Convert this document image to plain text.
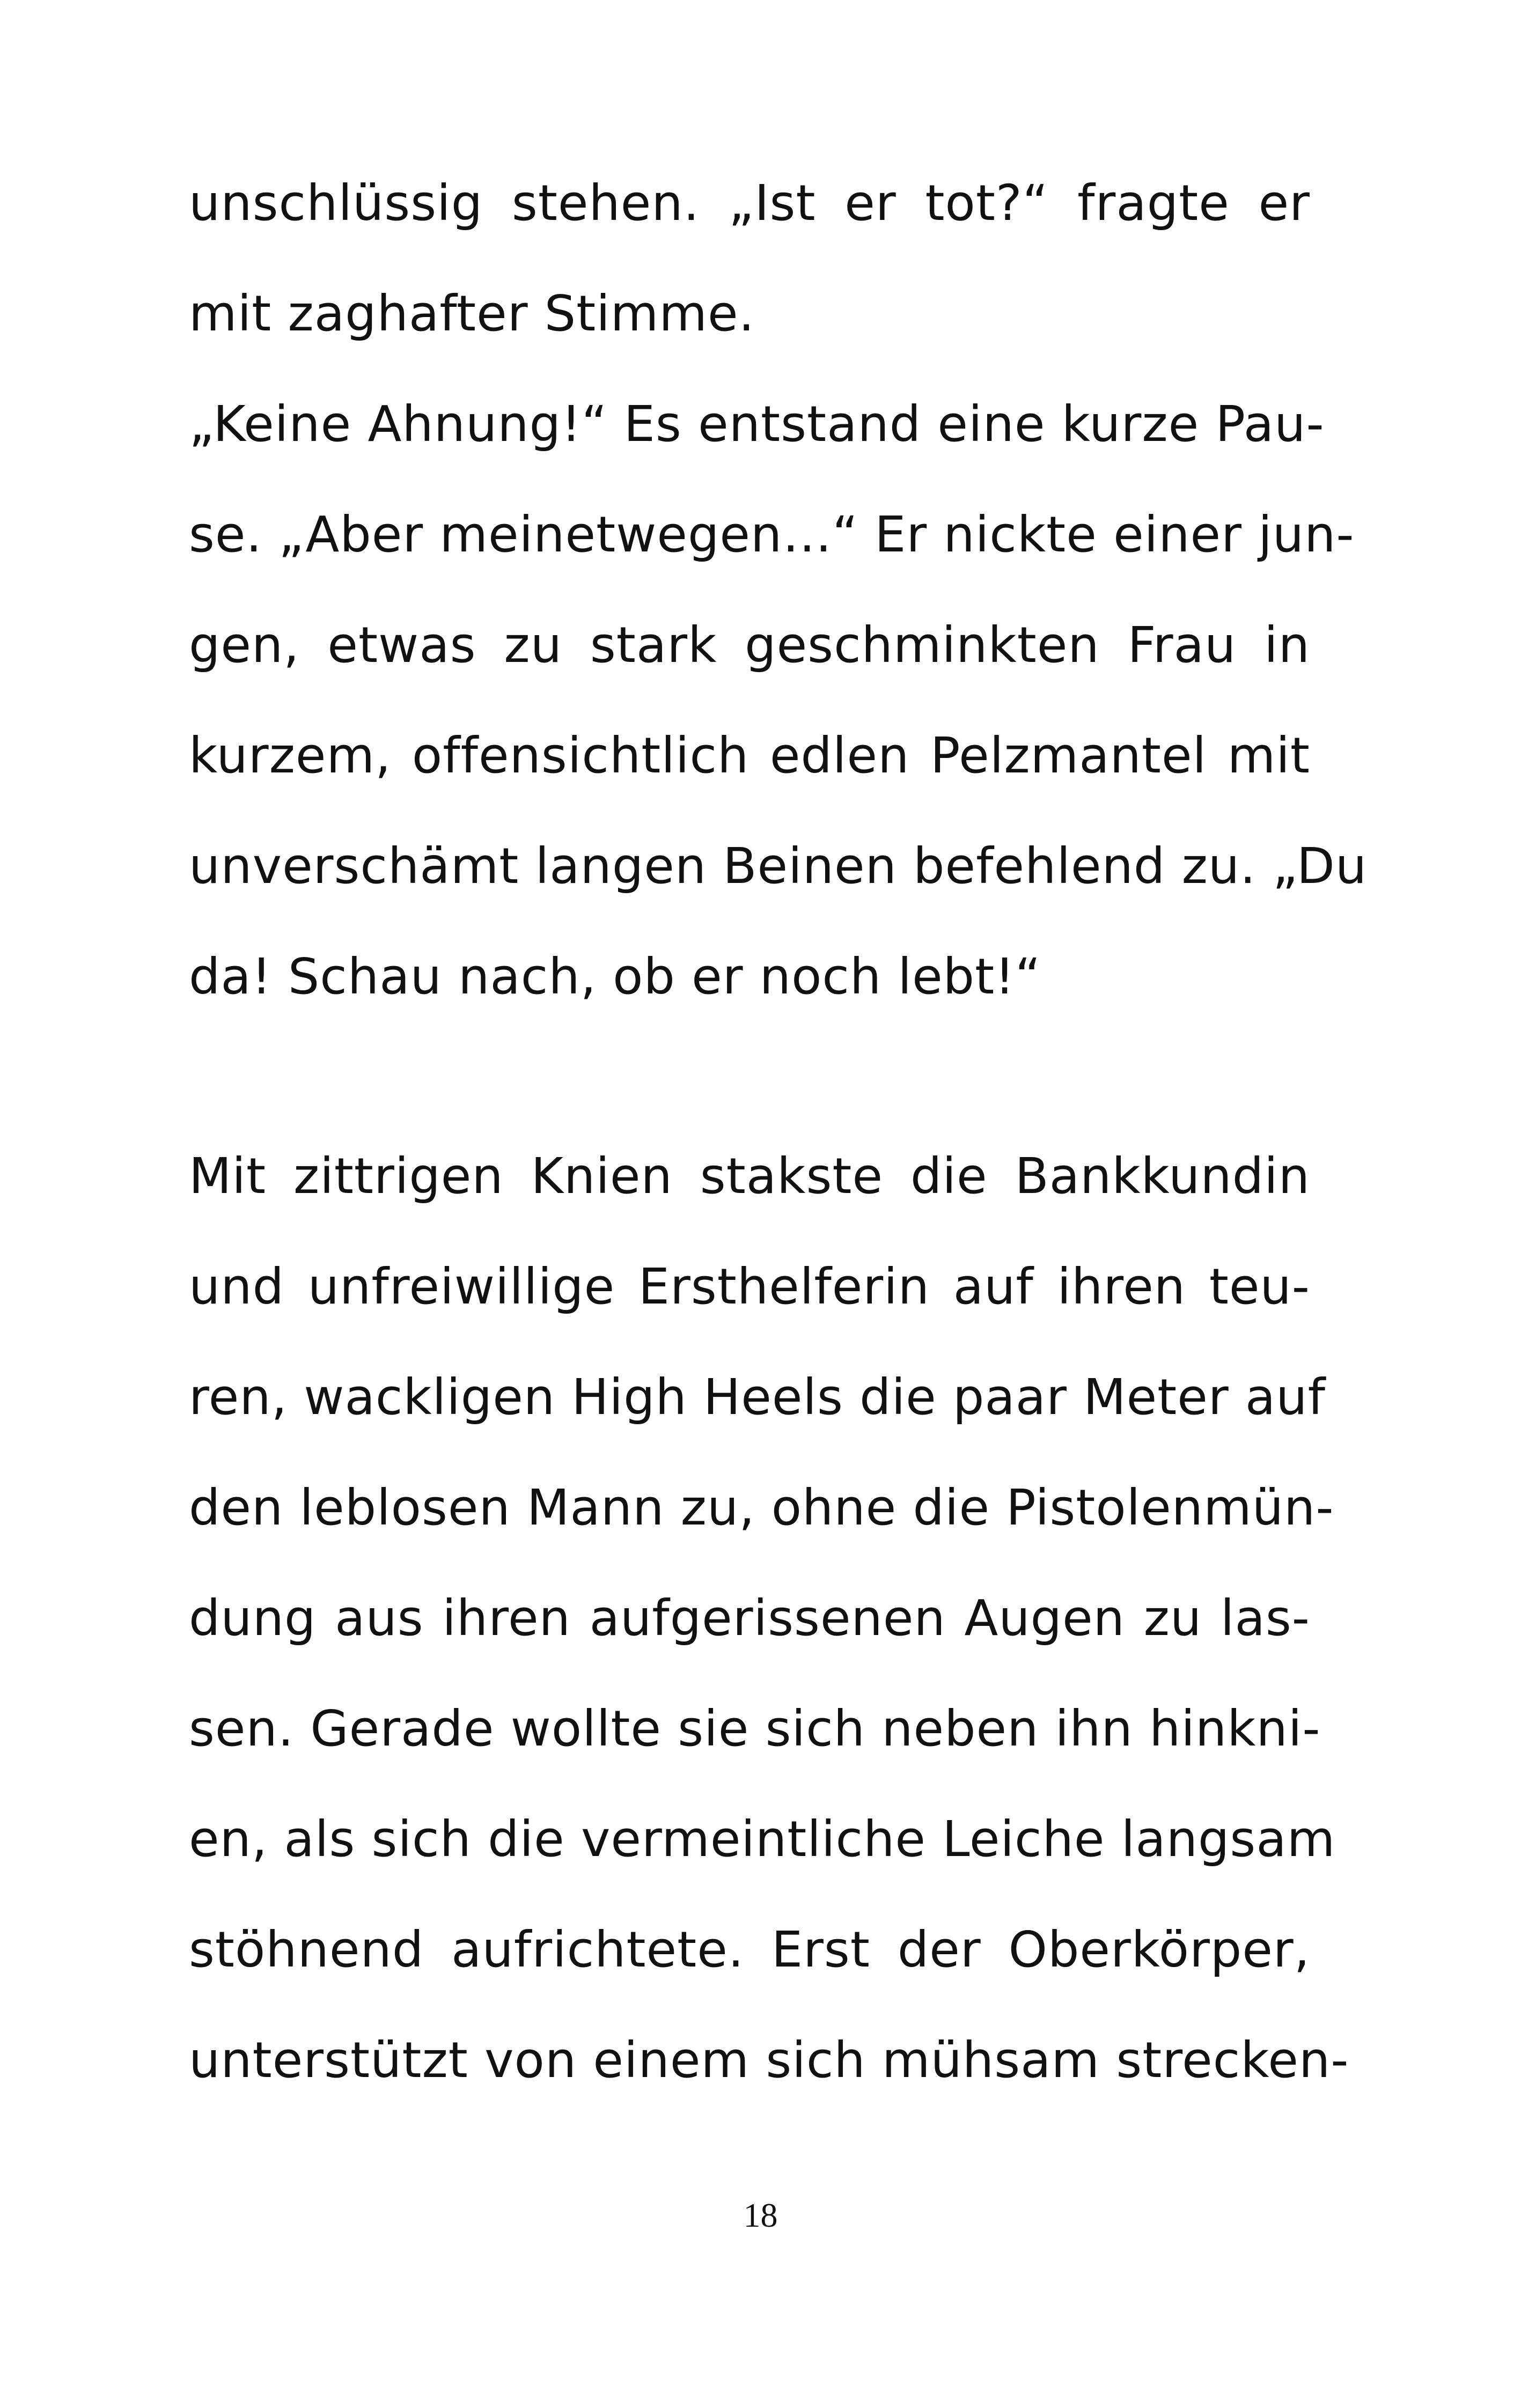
unschlüssig stehen. „Ist er tot?“ fragte er
mit zaghafter Stimme.
„Keine Ahnung!“ Es entstand eine kurze Pau-
se. „Aber meinetwegen…“ Er nickte einer jun-
gen, etwas zu stark geschminkten Frau in
kurzem, offensichtlich edlen Pelzmantel mit
unverschämt langen Beinen befehlend zu. „Du
da! Schau nach, ob er noch lebt!“
Mit zittrigen Knien stakste die Bankkundin
und unfreiwillige Ersthelferin auf ihren teu-
ren, wackligen High Heels die paar Meter auf
den leblosen Mann zu, ohne die Pistolenmün-
dung aus ihren aufgerissenen Augen zu las-
sen. Gerade wollte sie sich neben ihn hinkni-
en, als sich die vermeintliche Leiche langsam
stöhnend aufrichtete. Erst der Oberkörper,
unterstützt von einem sich mühsam strecken-
18
